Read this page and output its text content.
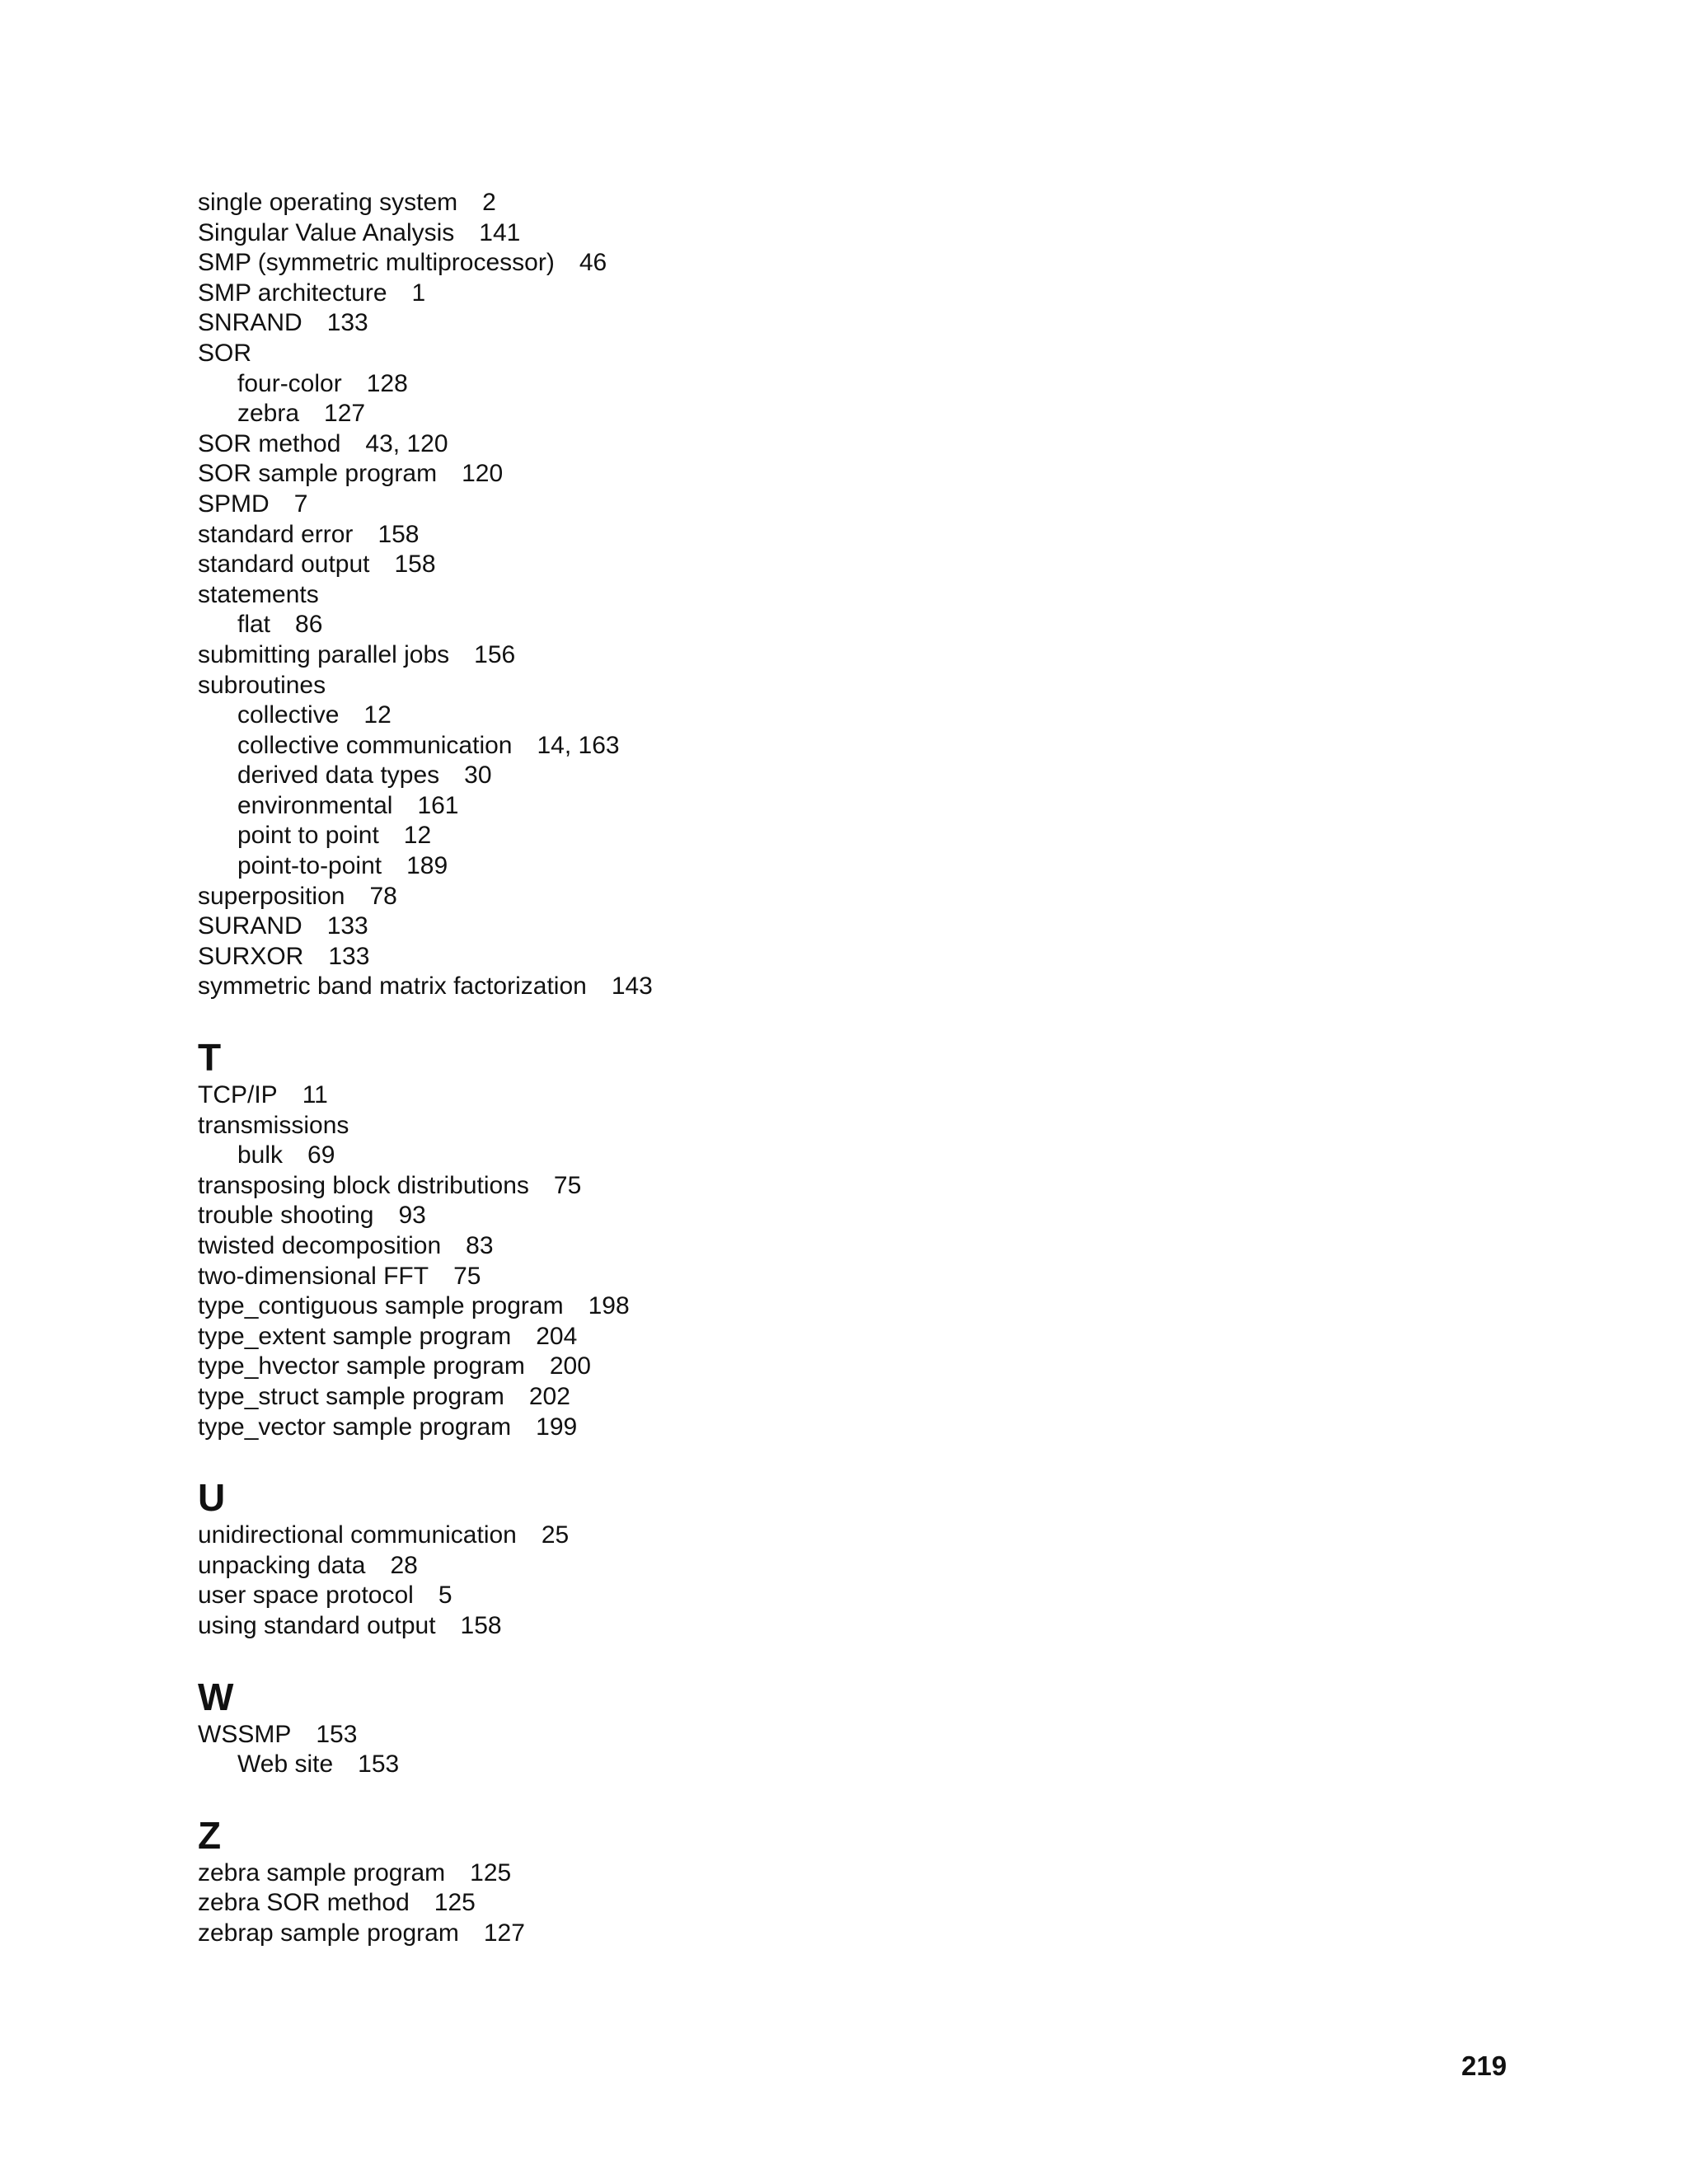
single operating system 2
Singular Value Analysis 141
SMP (symmetric multiprocessor) 46
SMP architecture 1
SNRAND 133
SOR
four-color 128
zebra 127
SOR method 43, 120
SOR sample program 120
SPMD 7
standard error 158
standard output 158
statements
flat 86
submitting parallel jobs 156
subroutines
collective 12
collective communication 14, 163
derived data types 30
environmental 161
point to point 12
point-to-point 189
superposition 78
SURAND 133
SURXOR 133
symmetric band matrix factorization 143
T
TCP/IP 11
transmissions
bulk 69
transposing block distributions 75
trouble shooting 93
twisted decomposition 83
two-dimensional FFT 75
type_contiguous sample program 198
type_extent sample program 204
type_hvector sample program 200
type_struct sample program 202
type_vector sample program 199
U
unidirectional communication 25
unpacking data 28
user space protocol 5
using standard output 158
W
WSSMP 153
Web site 153
Z
zebra sample program 125
zebra SOR method 125
zebrap sample program 127
219
